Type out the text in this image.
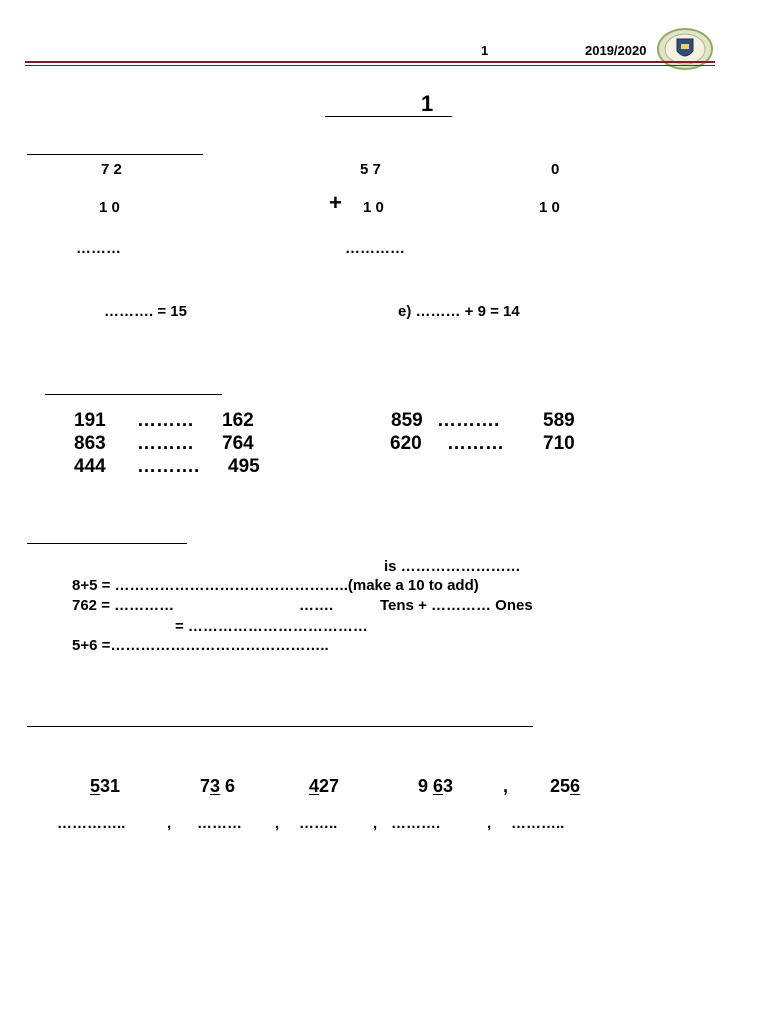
1	2019/2020
1
7 2	5 7	0
+
1 0	1 0	1 0
………	…………
………. = 15	e) ……… + 9 = 14
191 ……… 162
863 ……… 764
444 ………. 495
859 ………. 589
620 ……… 710
is ……………………
8+5 = ………………………………………..(make a 10 to add)
762 = …………	…….	Tens + ………… Ones
= ………………………………
5+6 =……………………………………..
531	73 6	427	9 63	, 256
…………..	, ……… , …….. , ……….	, ………..
